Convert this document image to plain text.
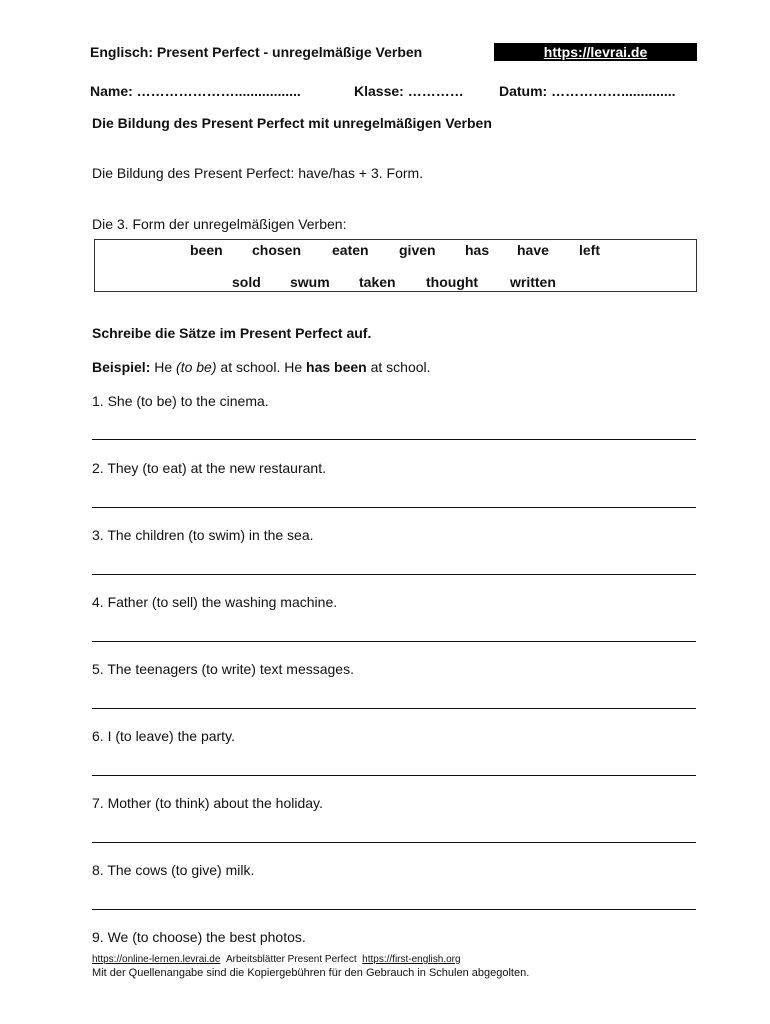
Englisch: Present Perfect - unregelmäßige Verben	https://levrai.de
Name: ………………….................	Klasse: …………	Datum: ……………..............
Die Bildung des Present Perfect mit unregelmäßigen Verben
Die Bildung des Present Perfect: have/has + 3. Form.
Die 3. Form der unregelmäßigen Verben:
been chosen eaten given has have left
sold swum taken thought written
Schreibe die Sätze im Present Perfect auf.
Beispiel: He (to be) at school. He has been at school.
1. She (to be) to the cinema.
2. They (to eat) at the new restaurant.
3. The children (to swim) in the sea.
4. Father (to sell) the washing machine.
5. The teenagers (to write) text messages.
6. I (to leave) the party.
7. Mother (to think) about the holiday.
8. The cows (to give) milk.
9. We (to choose) the best photos.
https://online-lernen.levrai.de Arbeitsblätter Present Perfect https://first-english.org
Mit der Quellenangabe sind die Kopiergebühren für den Gebrauch in Schulen abgegolten.
